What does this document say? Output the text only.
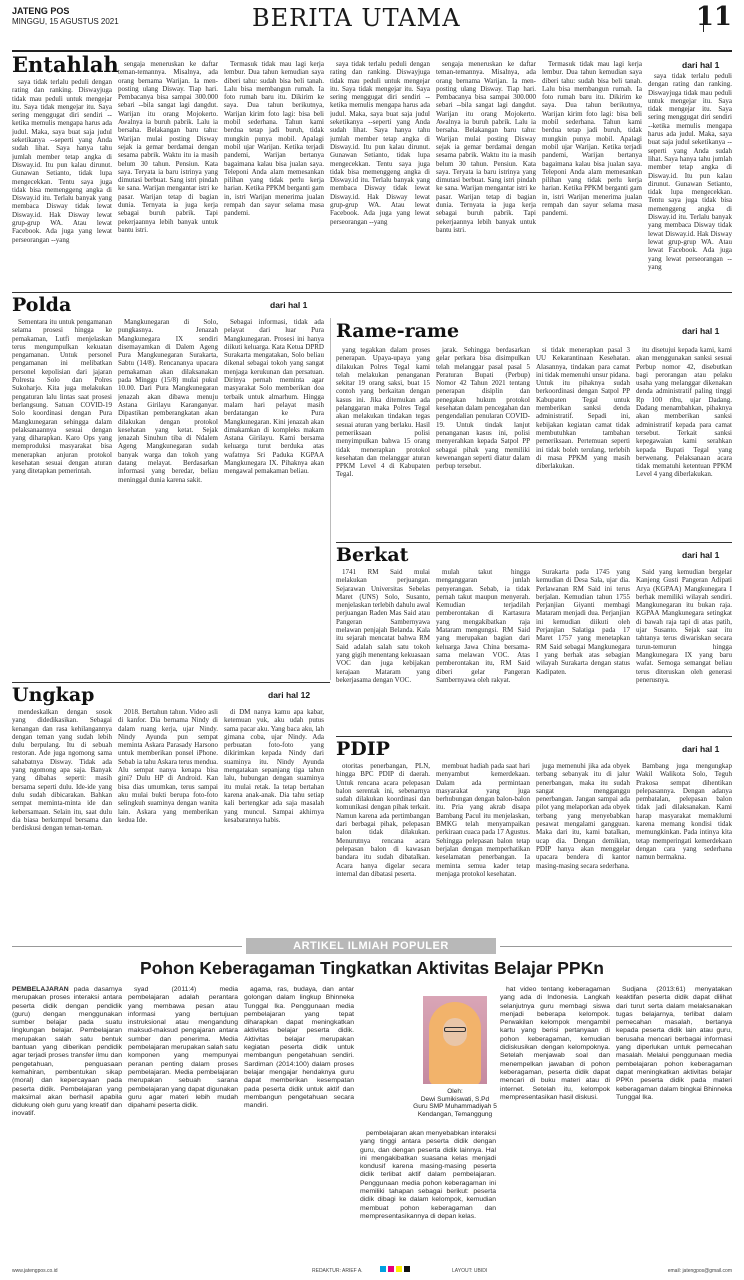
JATENG POS
MINGGU, 15 AGUSTUS 2021	BERITA UTAMA	11
Entahlah	dari hal 1

saya tidak terlalu peduli dengan rating dan ranking. Diswayjuga tidak mau peduli untuk mengejar itu. Saya tidak mengejar itu. Saya sering menggugat diri sendiri --ketika memulis mengapa harus ada judul. Maka, saya buat saja judul seketikanya --seperti yang Anda sudah lihat. Saya hanya tahu jumlah member tetap angka di Disway.id. Itu pun kalau dirunut. Gunawan Setianto, tidak lupa mengecekkan. Tentu saya juga tidak bisa memenggeng angka di Disway.id itu. Terlalu banyak yang membaca Disway tidak lewat Disway.id. Hak Disway lewat grup-grup WA. Atau lewat Facebook. Ada juga yang lewat perseorangan --yang

sengaja meneruskan ke daftar teman-temannya. Misalnya, ada orang bernama Warijan. Ia men-posting ulang Disway. Tiap hari. Pembacanya bisa sampai 300.000 sebari --bila sangat lagi dangdut. Warijan itu orang Mojokerto. Awalnya ia buruh pabrik. Lalu ia bersaha. Belakangan baru tahu: Warijan mulai posting Disway sejak ia gemar berdamai dengan sesama pabrik. Waktu itu ia masih belum 30 tahun. Pensiun. Kata saya. Teryata ia baru istrinya yang dimutasi berbuat. Sang istri pindah ke sana. Warijan mengantar istri ke pasar. Warijan tetap di bagian dunia. Ternyata ia juga kerja sebagai buruh pabrik. Tapi pekerjaannya lebih banyak untuk bantu istri.

Termasuk tidak mau lagi kerja lembur. Dua tahun kemudian saya diberi tahu: sudah bisa beli tanah. Lalu bisa membangun rumah. Ia foto rumah baru itu. Dikirim ke saya. Dua tahun berikutnya, Warijan kirim foto lagi: bisa beli mobil sederhana. Tahun kami berdua tetap jadi buruh, tidak mungkin punya mobil. Apalagi mobil ujar Warijan. Ketika terjadi pandemi, Warijan bertanya bagaimana kalau bisa jualan saya. Teleponi Anda alam memesankan pilihan yang tidak perlu kerja harian. Ketika PPKM berganti gam in, istri Warijan menerima jualan rempah dan sayur selama masa pandemi.

saya tidak terlalu peduli dengan rating dan ranking. Diswayjuga tidak mau peduli untuk mengejar itu. Saya tidak mengejar itu. Saya sering menggugat diri sendiri --ketika memulis mengapa harus ada judul. Maka, saya buat saja judul seketikanya --seperti yang Anda sudah lihat. Saya hanya tahu jumlah member tetap angka di Disway.id. Itu pun kalau dirunut. Gunawan Setianto, tidak lupa mengecekkan. Tentu saya juga tidak bisa memenggeng angka di Disway.id itu. Terlalu banyak yang membaca Disway tidak lewat Disway.id. Hak Disway lewat grup-grup WA. Atau lewat Facebook. Ada juga yang lewat perseorangan --yang

sengaja meneruskan ke daftar teman-temannya. Misalnya, ada orang bernama Warijan. Ia men-posting ulang Disway. Tiap hari. Pembacanya bisa sampai 300.000 sebari --bila sangat lagi dangdut. Warijan itu orang Mojokerto. Awalnya ia buruh pabrik. Lalu ia bersaha. Belakangan baru tahu: Warijan mulai posting Disway sejak ia gemar berdamai dengan sesama pabrik. Waktu itu ia masih belum 30 tahun. Pensiun. Kata saya. Teryata ia baru istrinya yang dimutasi berbuat. Sang istri pindah ke sana. Warijan mengantar istri ke pasar. Warijan tetap di bagian dunia. Ternyata ia juga kerja sebagai buruh pabrik. Tapi pekerjaannya lebih banyak untuk bantu istri.

Termasuk tidak mau lagi kerja lembur. Dua tahun kemudian saya diberi tahu: sudah bisa beli tanah. Lalu bisa membangun rumah. Ia foto rumah baru itu. Dikirim ke saya. Dua tahun berikutnya, Warijan kirim foto lagi: bisa beli mobil sederhana. Tahun kami berdua tetap jadi buruh, tidak mungkin punya mobil. Apalagi mobil ujar Warijan. Ketika terjadi pandemi, Warijan bertanya bagaimana kalau bisa jualan saya. Teleponi Anda alam memesankan pilihan yang tidak perlu kerja harian. Ketika PPKM berganti gam in, istri Warijan menerima jualan rempah dan sayur selama masa pandemi.

saya tidak terlalu peduli dengan rating dan ranking. Diswayjuga tidak mau peduli untuk mengejar itu. Saya tidak mengejar itu. Saya sering menggugat diri sendiri --ketika memulis mengapa harus ada judul. Maka, saya buat saja judul seketikanya --seperti yang Anda sudah lihat. Saya hanya tahu jumlah member tetap angka di Disway.id. Itu pun kalau dirunut. Gunawan Setianto, tidak lupa mengecekkan. Tentu saya juga tidak bisa memenggeng angka di Disway.id itu. Terlalu banyak yang membaca Disway tidak lewat Disway.id. Hak Disway lewat grup-grup WA. Atau lewat Facebook. Ada juga yang lewat perseorangan --yang

Polda	dari hal 1

Sementara itu untuk pengamanan selama prosesi hingga ke pemakaman, Lutfi menjelaskan terus mengumpulkan kekuatan pengamanan. Untuk personel pengamanan ini melibatkan personel kepolisian dari jajaran Polresta Solo dan Polres Sukoharjo. Kita juga melakukan pengaturan lalu lintas saat prosesi berlangsung. Satuan COVID-19 Solo koordinasi dengan Pura Mangkunegaran sehingga dalam pelaksanaannya sesuai dengan yang diharapkan. Karo Ops yang memproduksi masyarakat bisa menerapkan anjuran protokol kesehatan sesuai dengan aturan yang ditetapkan pemerintah.

Mangkunegaran di Solo, pungkasnya. Jenazah Mangkunegara IX sendiri disemayamkan di Dalem Ageng Pura Mangkunegaran Surakarta, Sabtu (14/8). Rencananya upacara pemakaman akan dilaksanakan pada Minggu (15/8) mulai pukul 10.00. Dari Pura Mangkunegaran jenazah akan dibawa menuju Astana Girilayu Karanganyar. Dipastikan pemberangkatan akan dilakukan dengan protokol kesehatan yang ketat. Sejak jenazah Sinuhun tiba di Ndalem Ageng Mangkunegaran sudah banyak warga dan tokoh yang datang melayat. Berdasarkan informasi yang beredar, beliau meninggal dunia karena sakit.

Sebagai informasi, tidak ada pelayat dari luar Pura Mangkunegaran. Prosesi ini hanya diikuti keluarga. Kata Ketua DPRD Surakarta mengatakan, Solo beliau dikenal sebagai tokoh yang sangat menjaga kerukunan dan persatuan. Dirinya pernah meminta agar masyarakat Solo memberikan doa terbaik untuk almarhum. Hingga malam hari pelayat masih berdatangan ke Pura Mangkunegaran. Kini jenazah akan dimakamkan di kompleks makam Astana Girilayu. Kami bersama keluarga turut berduka atas wafatnya Sri Paduka KGPAA Mangkunegara IX. Pihaknya akan mengawal pemakaman beliau.

Rame-rame	dari hal 1

yang tegakkan dalam proses penerapan. Upaya-upaya yang dilakukan Polres Tegal kami telah melakukan penanganan sekitar 19 orang saksi, buat 15 contoh yang berkaitan dengan kasus ini. Jika ditemukan ada pelanggaran maka Polres Tegal akan melakukan tindakan tegas sesuai aturan yang berlaku. Hasil pemeriksaan polisi menyimpulkan bahwa 15 orang tidak menerapkan protokol kesehatan dan melanggar aturan PPKM Level 4 di Kabupaten Tegal.

jarak. Sehingga berdasarkan gelar perkara bisa disimpulkan telah melanggar pasal pasal 5 Peraturan Bupati (Perbup) Nomor 42 Tahun 2021 tentang penerapan disiplin dan penegakan hukum protokol kesehatan dalam pencegahan dan pengendalian penularan COVID-19. Untuk tindak lanjut penanganan kasus ini, polisi menyerahkan kepada Satpol PP sebagai pihak yang memiliki kewenangan seperti diatur dalam perbup tersebut.

si tidak menerapkan pasal 3 UU Kekarantinaan Kesehatan. Alasannya, tindakan para camat ini tidak memenuhi unsur pidana. Untuk itu pihaknya sudah berkoordinasi dengan Satpol PP Kabupaten Tegal untuk memberikan sanksi denda administratif. Sepadi ini, kebijakan kegiatan camat tidak membutuhkan tambahan pemeriksaan. Pertemuan seperti ini tidak boleh terulang, terlebih di masa PPKM yang masih diberlakukan.

itu disetujui kepada kami, kami akan menggunakan sanksi sesuai Perbup nomor 42, disebutkan bagi perorangan atau pelaku usaha yang melanggar dikenakan denda administratif paling tinggi Rp 100 ribu, ujar Dadang. Dadang menambahkan, pihaknya akan memberikan sanksi administratif kepada para camat tersebut. Terkait sanksi kepegawaian kami serahkan kepada Bupati Tegal yang berwenang. Pelaksanaan acara tidak mematuhi ketentuan PPKM Level 4 yang diberlakukan.

Berkat	dari hal 1

1741 RM Said mulai melakukan perjuangan. Sejarawan Universitas Sebelas Maret (UNS) Solo, Susanto, menjelaskan terlebih dahulu awal perjuangan Raden Mas Said atau Pangeran Sambernyawa melawan penjajah Belanda. Kala itu sejarah mencatat bahwa RM Said adalah salah satu tokoh yang gigih menentang kekuasaan VOC dan juga kebijakan kerajaan Mataram yang bekerjasama dengan VOC.

mulah takut hingga menganggaran junlah penyerangan. Sebab, ia tidak pernah takut maupun menyerah. Kemudian terjadilah pemberontakan di Kartasura yang mengakibatkan raja Mataram mengungsi. RM Said yang merupakan bagian dari keluarga Jawa China bersama-sama melawan VOC. Atas pemberontakan itu, RM Said diberi gelar Pangeran Sambernyawa oleh rakyat.

Surakarta pada 1745 yang kemudian di Desa Sala, ujar dia. Perlawanan RM Said ini terus berjalan. Kemudian tahun 1755 Perjanjian Giyanti membagi Mataram menjadi dua. Perjanjian ini kemudian diikuti oleh Perjanjian Salatiga pada 17 Maret 1757 yang menetapkan RM Said sebagai Mangkunegara I yang berhak atas sebagian wilayah Surakarta dengan status Kadipaten.

Said yang kemudian bergelar Kanjeng Gusti Pangeran Adipati Arya (KGPAA) Mangkunegara I berhak memiliki wilayah sendiri. Mangkunegaran itu bukan raja. KGPAA Mangkunegara setingkat di bawah raja tapi di atas patih, ujar Susanto. Sejak saat itu tahtanya terus diwariskan secara turun-temurun hingga Mangkunegara IX yang baru wafat. Semoga semangat beliau terus diteruskan oleh generasi penerusnya.

Ungkap	dari hal 12

mendeskalkan dengan sosok yang didedikasikan. Sebagai kenangan dan rasa kehilangannya dengan teman yang sudah lebih dulu berpulang. Itu di sebuah restoran. Ade juga ngomong sama sahabatnya Disway. Tidak ada yang ngomong apa saja. Banyak yang dibahas seperti: masih bersama seperti dulu. Ide-ide yang dulu sudah dibicarakan. Bahkan sempat meminta-minta ide dan kebersamaan. Selain itu, saat dulu dia biasa berkumpul bersama dan berdiskusi dengan teman-teman.

2018. Bertahun tahun. Video asli di kanfor. Dia bernama Nindy di dalam ruang kerja, ujar Nindy. Nindy Ayunda pun sempat meminta Askara Parasady Harsono untuk memberikan ponsel iPhone. Sebab ia tahu Askara terus mendua. Alu sempat nanya kenapa bisa gini? Dulu HP di Android. Kan bisa dias umumkan, terus sampai aku mulai bukti berupa foto-foto selingkuh suaminya dengan wanita lain. Askara yang memberikan kedua Ide.

di DM nanya kamu apa kabar, ketemuan yuk, aku udah putus sama pacar aku. Yang baca aku, lah gimana coba, ujar Nindy. Ada perbuatan foto-foto yang dikirimkan kepada Nindy dari suaminya itu. Nindy Ayunda mengatakan sepanjang tiga tahun lalu, hubungan dengan suaminya itu mulai retak. Ia tetap bertahan karena anak-anak. Dia tahu setiap kali bertengkar ada saja masalah yang muncul. Sampai akhirnya kesabarannya habis.

PDIP	dari hal 1

otoritas penerbangan, PLN, hingga BPC PDIP di daerah. Untuk rencana acara pelepasan balon serentak ini, sebenarnya sudah dilakukan koordinasi dan komunikasi dengan pihak terkait. Namun karena ada pertimbangan dari berbagai pihak, pelepasan balon tidak dilakukan. Menurutnya rencana acara pelepasan balon di kawasan bandara itu sudah dibatalkan. Acara hanya digelar secara internal dan dibatasi peserta.

membuat hadiah pada saat hari menyambut kemerdekaan. Dalam ada permintaan masyarakat yang juga berhubungan dengan balon-balon itu. Pria yang akrab disapa Bambang Pacul itu menjelaskan, BMKG telah menyampaikan perkiraan cuaca pada 17 Agustus. Sehingga pelepasan balon tetap berjalan dengan memperhatikan keselamatan penerbangan. Ia meminta semua kader tetap menjaga protokol kesehatan.

juga memenuhi jika ada obyek terbang sebanyak itu di jalur penerbangan, maka itu sudah sangat mengganggu penerbangan. Jangan sampai ada pilot yang melaporkan ada obyek terbang yang menyebabkan pesawat mengalami gangguan. Maka dari itu, kami batalkan, ucap dia. Dengan demikian, PDIP hanya akan menggelar upacara bendera di kantor masing-masing secara sederhana.

Bambang juga mengungkap Wakil Walikota Solo, Teguh Prakosa sempat dihentikan pelepasannya. Dengan adanya pembatalan, pelepasan balon tidak jadi dilaksanakan. Kami harap masyarakat memaklumi karena memang kondisi tidak memungkinkan. Pada intinya kita tetap memperingati kemerdekaan dengan cara yang sederhana namun bermakna.

ARTIKEL ILMIAH POPULER
Pohon Keberagaman Tingkatkan Aktivitas Belajar PPKn

PEMBELAJARAN pada dasarnya merupakan proses interaksi antara peserta didik dengan pendidik (guru) dengan menggunakan sumber belajar pada suatu lingkungan belajar. Pembelajaran merupakan salah satu bentuk bantuan yang diberikan pendidik agar terjadi proses transfer ilmu dan pengetahuan, penguasaan kemahiran, pembentukan sikap (moral) dan kepercayaan pada peserta didik. Pembelajaran yang maksimal akan berhasil apabila didukung oleh guru yang kreatif dan inovatif.

syad (2011:4) media pembelajaran adalah perantara yang membawa pesan atau informasi yang bertujuan instruksional atau mengandung maksud-maksud pengajaran antara sumber dan penerima. Media pembelajaran merupakan salah satu komponen yang mempunyai peranan penting dalam proses pembelajaran. Media pembelajaran merupakan sebuah sarana pembelajaran yang dapat digunakan guru agar materi lebih mudah dipahami peserta didik.

agama, ras, budaya, dan antar golongan dalam lingkup Bhinneka Tunggal Ika. Penggunaan media pembelajaran yang tepat diharapkan dapat meningkatkan aktivitas belajar peserta didik. Aktivitas belajar merupakan kegiatan peserta didik untuk membangun pengetahuan sendiri. Sardiman (2014:100) dalam proses belajar mengajar hendaknya guru dapat memberikan kesempatan pada peserta didik untuk aktif dan membangun pengetahuan secara mandiri.

Oleh:
Dewi Sumikiswati, S.Pd
Guru SMP Muhammadiyah 5
Kendangan, Temanggung

pembelajaran akan menyebabkan interaksi yang tinggi antara peserta didik dengan guru, dan dengan peserta didik lainnya. Hal ini mengakibatkan suasana kelas menjadi kondusif karena masing-masing peserta didik terlibat aktif dalam pembelajaran. Penggunaan media pohon keberagaman ini memiliki tahapan sebagai berikut: peserta didik dibagi ke dalam kelompok, kemudian membuat pohon keberagaman dan mempresentasikannya di depan kelas.

hat video tentang keberagaman yang ada di Indonesia. Langkah selanjutnya guru membagi siswa menjadi beberapa kelompok. Perwakilan kelompok mengambil kartu yang berisi pertanyaan di pohon keberagaman, kemudian didiskusikan dengan kelompoknya. Setelah menjawab soal dan menempelkan jawaban di pohon keberagaman, peserta didik dapat mencari di buku materi atau di internet. Setelah itu, kelompok mempresentasikan hasil diskusi.

Sudjana (2013:61) menyatakan keaktifan peserta didik dapat dilihat dari turut serta dalam melaksanakan tugas belajarnya, terlibat dalam pemecahan masalah, bertanya kepada peserta didik lain atau guru, berusaha mencari berbagai informasi yang diperlukan untuk pemecahan masalah. Melalui penggunaan media pembelajaran pohon keberagaman dapat meningkatkan aktivitas belajar PPKn peserta didik pada materi keberagaman dalam bingkai Bhinneka Tunggal Ika.

www.jatengpos.co.id	REDAKTUR: ARIEF A.	LAYOUT: UBIDI	email: jatengpos@gmail.com
